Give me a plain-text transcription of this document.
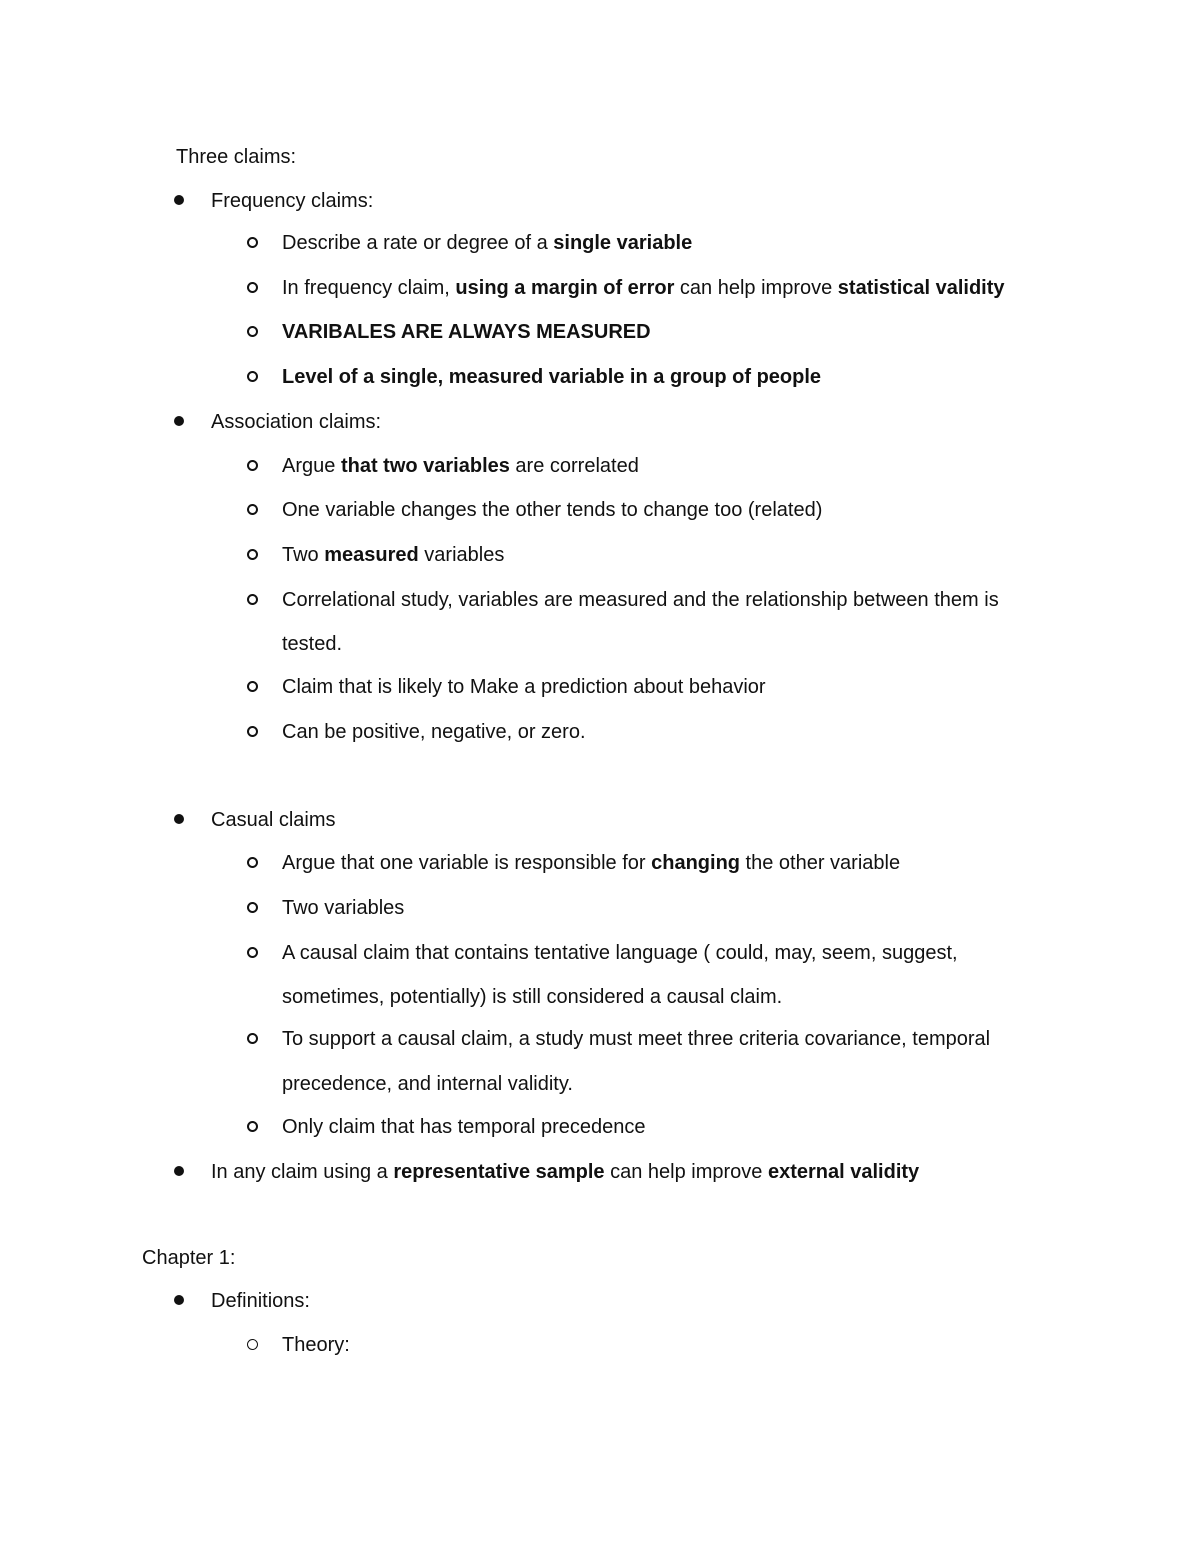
Three claims:
Frequency claims:
Describe a rate or degree of a single variable
In frequency claim, using a margin of error can help improve statistical validity
VARIBALES ARE ALWAYS MEASURED
Level of a single, measured variable in a group of people
Association claims:
Argue that two variables are correlated
One variable changes the other tends to change too (related)
Two measured variables
Correlational study, variables are measured and the relationship between them is
tested.
Claim that is likely to Make a prediction about behavior
Can be positive, negative, or zero.
Casual claims
Argue that one variable is responsible for changing the other variable
Two variables
A causal claim that contains tentative language ( could, may, seem, suggest,
sometimes, potentially) is still considered a causal claim.
To support a causal claim, a study must meet three criteria covariance, temporal
precedence, and internal validity.
Only claim that has temporal precedence
In any claim using a representative sample can help improve external validity
Chapter 1:
Definitions:
Theory:
